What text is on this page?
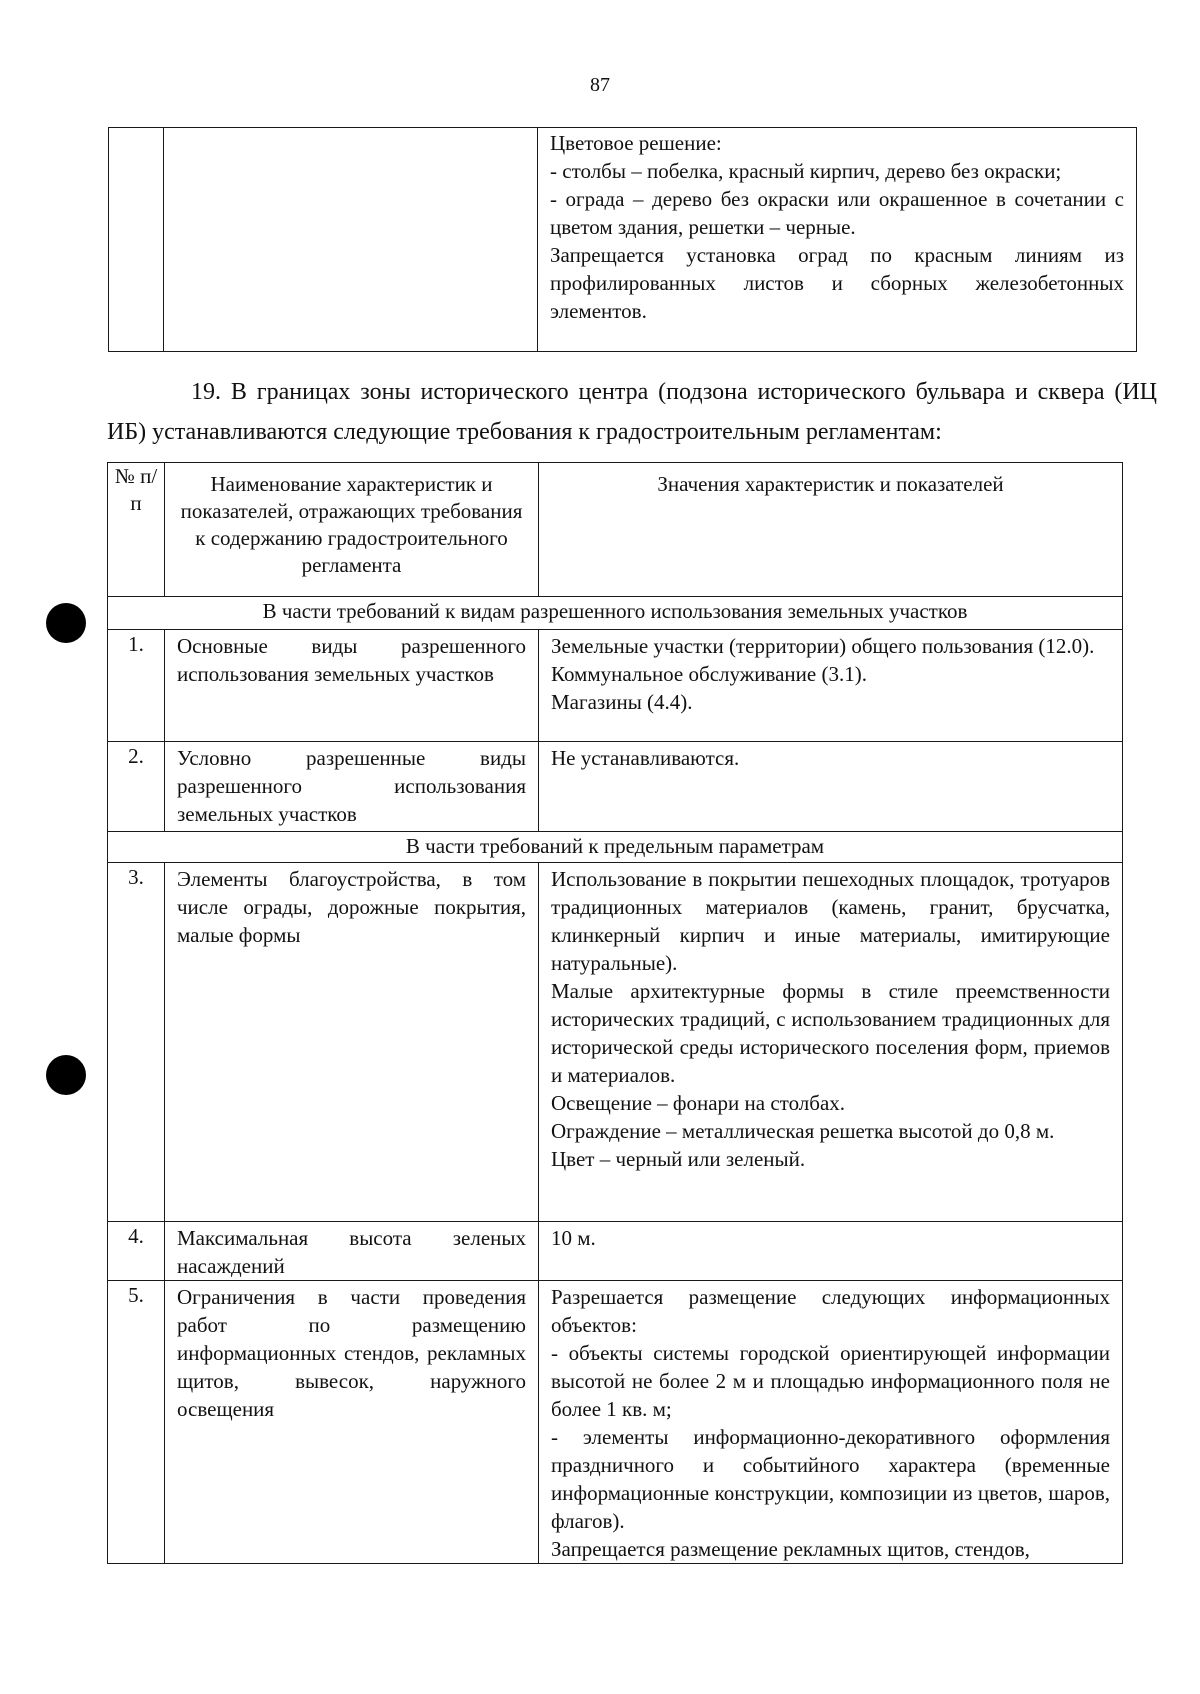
87

Цветовое решение:
- столбы – побелка, красный кирпич, дерево без окраски;
- ограда – дерево без окраски или окрашенное в сочетании с цветом здания, решетки – черные.
Запрещается установка оград по красным линиям из профилированных листов и сборных железобетонных элементов.
19. В границах зоны исторического центра (подзона исторического бульвара и сквера (ИЦ ИБ) устанавливаются следующие требования к градостроительным регламентам:
№ п/п	Наименование характеристик и показателей, отражающих требования к содержанию градостроительного регламента	Значения характеристик и показателей

В части требований к видам разрешенного использования земельных участков		
1.	Основные виды разрешенного использования земельных участков	Земельные участки (территории) общего пользования (12.0).
Коммунальное обслуживание (3.1).
Магазины (4.4).

2.	Условно разрешенные виды разрешенного использования земельных участков	Не устанавливаются.

В части требований к предельным параметрам		
3.	Элементы благоустройства, в том числе ограды, дорожные покрытия, малые формы	Использование в покрытии пешеходных площадок, тротуаров традиционных материалов (камень, гранит, брусчатка, клинкерный кирпич и иные материалы, имитирующие натуральные).
Малые архитектурные формы в стиле преемственности исторических традиций, с использованием традиционных для исторической среды исторического поселения форм, приемов и материалов.
Освещение – фонари на столбах.
Ограждение – металлическая решетка высотой до 0,8 м.
Цвет – черный или зеленый.

4.	Максимальная высота зеленых насаждений	10 м.

5.	Ограничения в части проведения работ по размещению информационных стендов, рекламных щитов, вывесок, наружного освещения	Разрешается размещение следующих информационных объектов:
- объекты системы городской ориентирующей информации высотой не более 2 м и площадью информационного поля не более 1 кв. м;
- элементы информационно-декоративного оформления праздничного и событийного характера (временные информационные конструкции, композиции из цветов, шаров, флагов).
Запрещается размещение рекламных щитов, стендов,
